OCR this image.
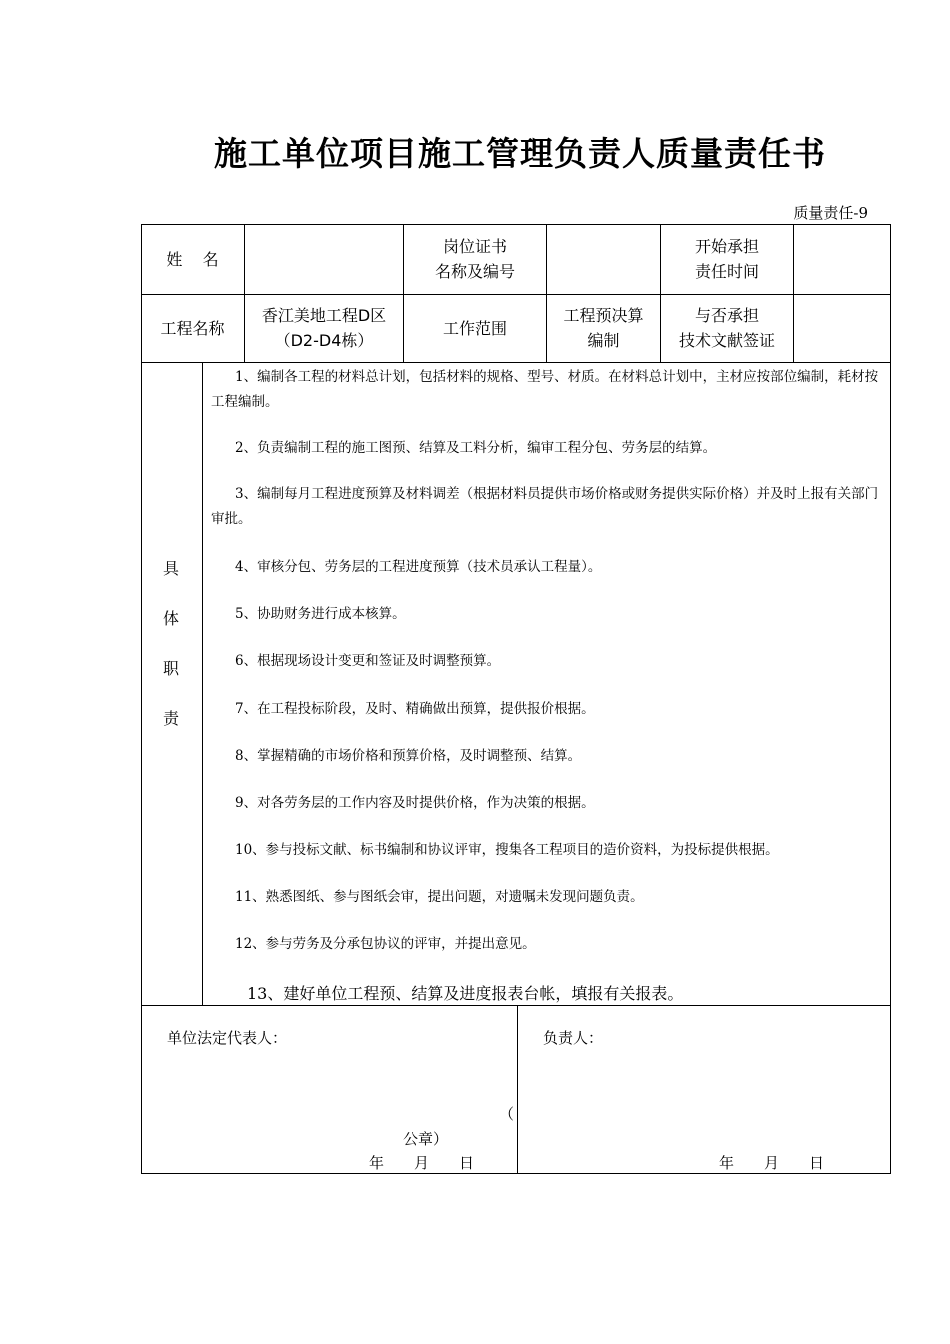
施工单位项目施工管理负责人质量责任书
质量责任-9
姓    名
岗位证书
名称及编号
开始承担
责任时间
工程名称
香江美地工程D区
（D2-D4栋）
工作范围
工程预决算
编制
与否承担
技术文献签证
具
体
职
责
1、编制各工程的材料总计划，包括材料的规格、型号、材质。在材料总计划中，主材应按部位编制，耗材按工程编制。
2、负责编制工程的施工图预、结算及工料分析，编审工程分包、劳务层的结算。
3、编制每月工程进度预算及材料调差（根据材料员提供市场价格或财务提供实际价格）并及时上报有关部门审批。
4、审核分包、劳务层的工程进度预算（技术员承认工程量）。
5、协助财务进行成本核算。
6、根据现场设计变更和签证及时调整预算。
7、在工程投标阶段，及时、精确做出预算，提供报价根据。
8、掌握精确的市场价格和预算价格，及时调整预、结算。
9、对各劳务层的工作内容及时提供价格，作为决策的根据。
10、参与投标文献、标书编制和协议评审，搜集各工程项目的造价资料，为投标提供根据。
11、熟悉图纸、参与图纸会审，提出问题，对遗嘱未发现问题负责。
12、参与劳务及分承包协议的评审，并提出意见。
13、建好单位工程预、结算及进度报表台帐，填报有关报表。
单位法定代表人：
（
公章）
年　　月　　日
负责人：
年　　月　　日
